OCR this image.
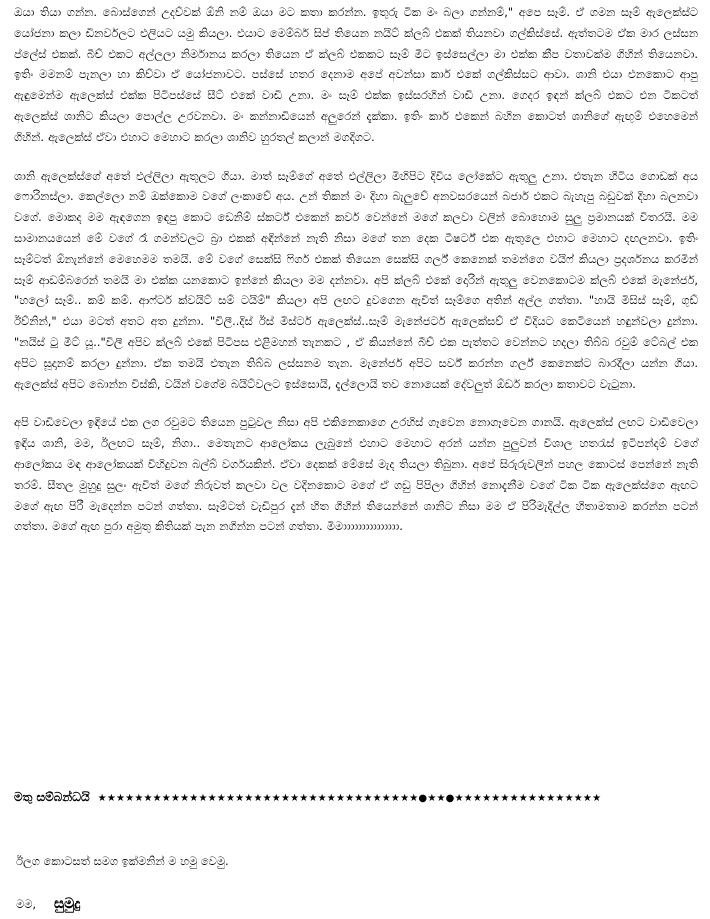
ඔයා තියා ගන්න. බොස්ගෙන් උදව්වක් ඕනි නම් ඔයා මට කතා කරන්න. ඉතුරු ටික මං බලා ගන්නම්," අපෙ සෑම්. ඒ ගමන සෑම් ඇලෙක්ස්ට යෝජනා කලා ඩිනර්වලට එලියට යමු කියලා. එයාට මෙම්බර් සිප් තියෙන නයිට් ක්ලබ් එකක් තියනවා ගල්කිස්සේ. ඇත්තටම ඒක මාර ලස්සන ප්ලේස් එකක්. බීච් එකට අල්ලලා නිර්මානය කරලා තියෙන ඒ ක්ලබ් එකකට සෑම් මීට ඉස්සෙල්ලා මා එක්ක කීප වතාවක්ම ගිහින් තියෙනවා. ඉතිං මමනම් පැනලා හා කිව්වා ඒ යෝජනාවට. පස්සේ හතර දෙනාම අපේ අවන්සා කාර් එකේ ගල්කිස්සට ආවා. ශානි එයා එනකොට ආපු ඇඳුමෙන්ම ඇලෙක්ස් එක්ක පිටිපස්සේ සීට් එකේ වාඩි උනා. මං සෑම් එක්ක ඉස්සරහින් වාඩි උනා. ගෙදර ඉඳන් ක්ලබ් එකට එන ටිකටත් ඇලෙක්ස් ශානිට කියලා පොල්ල උරවනවා. මං කන්නාඩියෙන් අලුරෙන් දැක්කා. ඉතිං කාර් එකෙන් බහින කොටත් ශානිගේ ඇඟුම් එහෙමෙන් ගිහින්. ඇලෙක්ස් ඒවා එහාට මෙහාට කරලා ශානිව හුරතල් කලාන් මගදිගට.

ශානි ඇලෙක්ස්ගේ අතේ එල්ලිලා ඇතුලට ගියා. මාත් සෑම්ගේ අතේ එල්ලිලා මිහිපිට දිවිය ලෝකේට ඇතුලු උනා. එතැන හිටිය ගොඩක් අය ෆොරිනස්ලා. කෙල්ලො නම් ඔක්කොම වගේ ලංකාවේ අය. උන් තිකන් මං දිහා බැලුවේ අනවසරයෙන් බජාර් එකට බැහැපු බඩුවක් දිහා බලනවා වගේ. මොකද මම ඇඳගෙන ඉඳපු කොට ඩෙනිම් ස්කර්ට් එකෙන් කවර් වෙන්නේ මගේ කලවා වලින් බොහොම සුලු ප්‍රමානයක් විතරයි. මම සාමානයයෙන් මේ වගේ රෑ ගමන්වලට බ්‍රා එකක් අඳින්නේ නැති නිසා මගේ තන දෙක ටීෂර්ට් එක ඇතුලෙ එහාට මෙහාට දඟලනවා. ඉතිං සෑම්ටත් ඕනැන්නේ මෙහෙමම තමයි. මේ වගේ සෙක්සි ෆිගර් එකක් තියෙන සෙක්සි ගර්ල් කෙනෙක් තමන්ගෙ වයිෆ් කියලා ප්‍රදර්ශනය කරමින් සෑම් ආඩම්බරෙන් තමයි මා එක්ක යනකොට ඉන්නේ කියලා මම දන්නවා. අපි ක්ලබ් එකේ දොරින් ඇතුලු වෙනකොටම ක්ලබ් එකේ මැනේජර්, "හලෝ සෑම්.. කම් කම්. ආෆ්ටර් ක්වයිට් සම් ටයිම්" කියලා අපි ලඟට දුවගෙන ඇවිත් සෑම්ගෙ අතින් අල්ල ගත්තා. "හායි මිසිස් සෑම්, ගුඩ් ඊව්නින්," එයා මටත් අතට අත දුන්නා. "විලී..දිස් ඊස් මිස්ටර් ඇලෙක්ස්..සෑම් මැනේජර්ට ඇලෙක්සව් ඒ විදියට කෙටියෙන් හඳුන්වලා දුන්නා. "නයිස් ටු මීට් යූ.."විලී අපිව ක්ලබ් එකේ පිටිපස එළිමහන් තැනකට , ඒ කියන්නේ බීච් එක පැත්තට වෙන්නට හදලා තිබ්බ රවුම් ටේබල් එක අපිට සූදානම් කරලා දුන්නා. ඒක තමයි එතැන තිබ්බ ලස්සනම තැන. මැනේජර් අපිට සර්ව් කරන්න ගර්ල් කෙනෙක්ට බාරදීලා යන්න ගියා. ඇලෙක්ස් අපිට බොන්න විස්කි, වයින් වගේම බයිට්වලට ඉස්සොයි, දැල්ලොයි තව නොයෙක් දේවලුත් ඕඩර් කරලා කතාවට වැටුනා.

අපි වාඩිවෙලා ඉඳියේ එක ලග රවුමට තියෙන පුටුවල නිසා අපි එකිනෙකාගෙ උරහිස් ගෑවෙන නොගෑවෙන ගානයි. ඇලෙක්ස් ලඟට වාඩිවෙලා ඉඳිය ශානි, මම, ඊලඟට සෑම්, නිගා.. මෙතැනට ආලෝකය ලැබුනේ එහාට මෙහාට අරන් යන්න පුලුවන් විශාල හතරැස් ඉටිපන්දම් වගේ ආලෝකය මඳ ආලෝකයක් විහිදුවන බල්බ් වර්ගයකින්. ඒවා දෙකක් මේසේ මැද තියලා තිබුනා. අපේ සිරුරුවලින් පහල කොටස් පෙන්නේ නැති තරම්. සීතල මුහුදු සුලං ඇවිත් මගේ නිරුවත් කලවා වල වදිනකොට මගේ ඒ ගඩු පිපිලා ගිහින් නොදැනීම වගේ ටික ටික ඇලෙක්ස්ගෙ ඇඟට මගේ ඇඟ පිරී මැදෙන්න පටන් ගත්තා. සෑම්ටත් වැඩිපුර දැන් හිත ගිහින් තියෙන්නේ ශානිට නිසා මම ඒ පිරිමැදිල්ල හිතාමතාම කරන්න පටන් ගත්තා. මගේ ඇඟ පුරා අමුතු කිතියක් පැන නගින්න පටන් ගත්තා. මිමාාාාාාාාාාාාාාා.

මතු සම්බන්ධයි ★★★★★★★★★★★★★★★★★★★★★★★★★★★★★★★★★★★●★★●★★★★★★★★★★★★★★★★
ඊලග කොටසත් සමග ඉක්මනින් ම හමු වෙමු.
මම, සුමුදු
